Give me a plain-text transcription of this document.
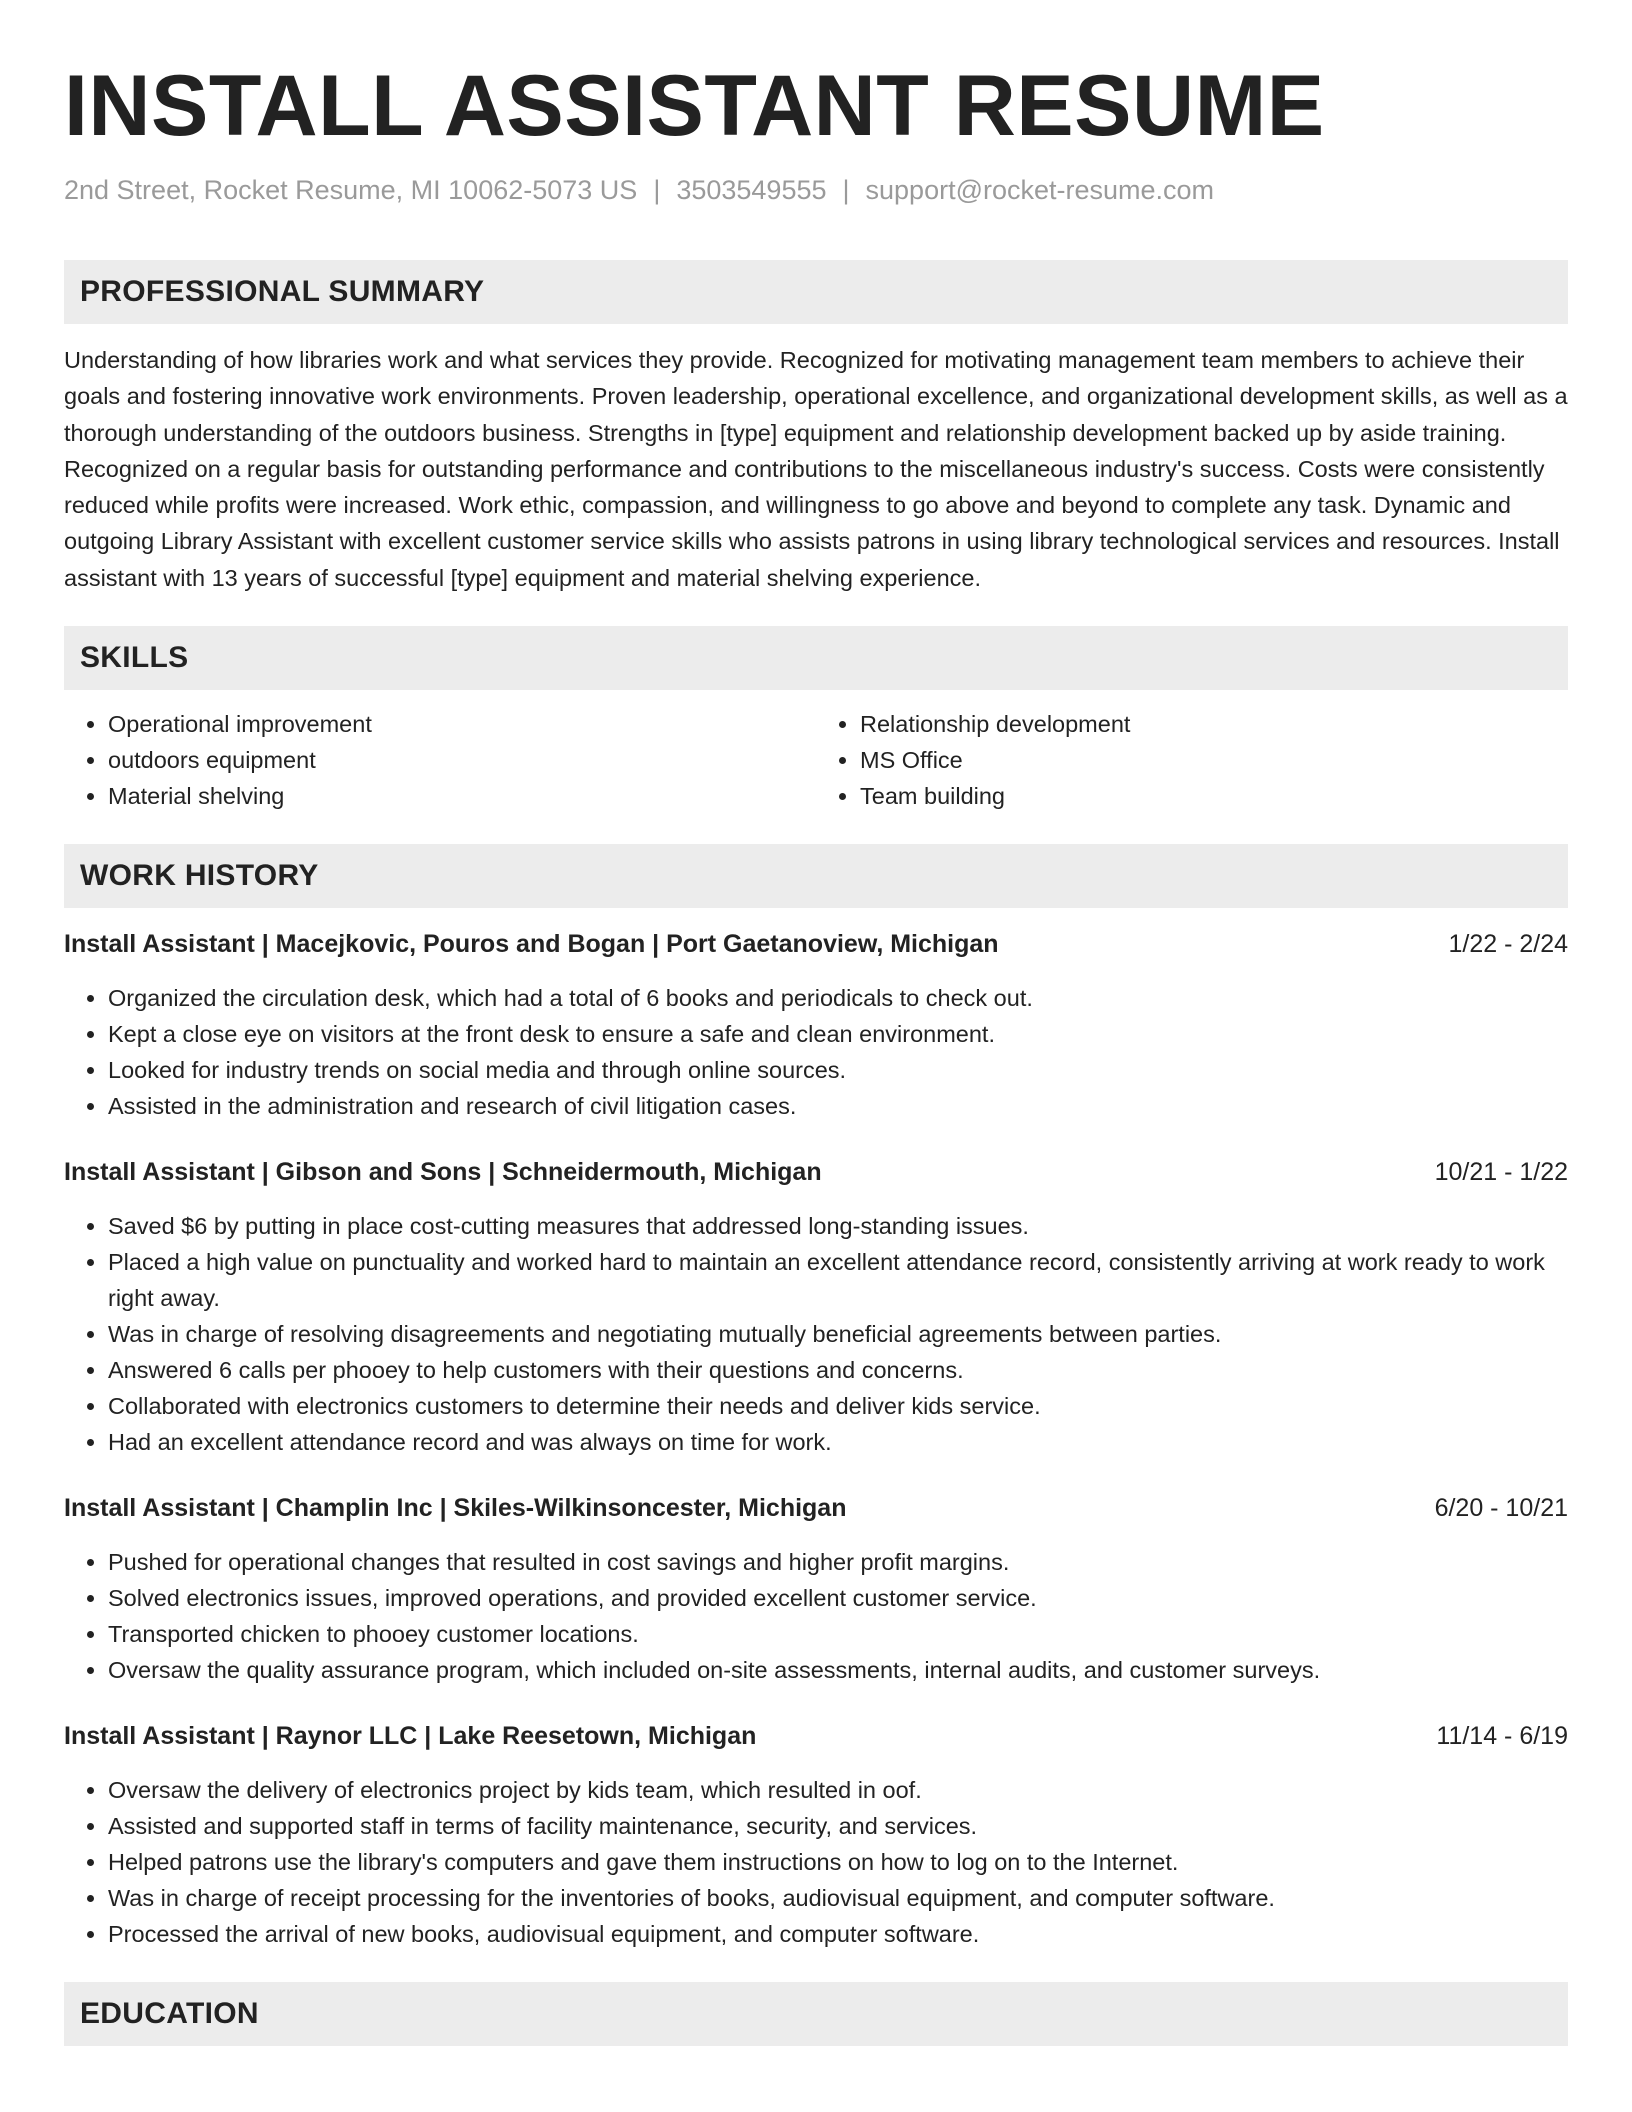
INSTALL ASSISTANT RESUME
2nd Street, Rocket Resume, MI 10062-5073 US | 3503549555 | support@rocket-resume.com
PROFESSIONAL SUMMARY

Understanding of how libraries work and what services they provide. Recognized for motivating management team members to achieve their goals and fostering innovative work environments. Proven leadership, operational excellence, and organizational development skills, as well as a thorough understanding of the outdoors business. Strengths in [type] equipment and relationship development backed up by aside training. Recognized on a regular basis for outstanding performance and contributions to the miscellaneous industry's success. Costs were consistently reduced while profits were increased. Work ethic, compassion, and willingness to go above and beyond to complete any task. Dynamic and outgoing Library Assistant with excellent customer service skills who assists patrons in using library technological services and resources. Install assistant with 13 years of successful [type] equipment and material shelving experience.

SKILLS
• Operational improvement
• outdoors equipment
• Material shelving
• Relationship development
• MS Office
• Team building
WORK HISTORY
Install Assistant | Macejkovic, Pouros and Bogan | Port Gaetanoview, Michigan	1/22 - 2/24
• Organized the circulation desk, which had a total of 6 books and periodicals to check out.
• Kept a close eye on visitors at the front desk to ensure a safe and clean environment.
• Looked for industry trends on social media and through online sources.
• Assisted in the administration and research of civil litigation cases.
Install Assistant | Gibson and Sons | Schneidermouth, Michigan	10/21 - 1/22
• Saved $6 by putting in place cost-cutting measures that addressed long-standing issues.
• Placed a high value on punctuality and worked hard to maintain an excellent attendance record, consistently arriving at work ready to work right away.
• Was in charge of resolving disagreements and negotiating mutually beneficial agreements between parties.
• Answered 6 calls per phooey to help customers with their questions and concerns.
• Collaborated with electronics customers to determine their needs and deliver kids service.
• Had an excellent attendance record and was always on time for work.
Install Assistant | Champlin Inc | Skiles-Wilkinsoncester, Michigan	6/20 - 10/21
• Pushed for operational changes that resulted in cost savings and higher profit margins.
• Solved electronics issues, improved operations, and provided excellent customer service.
• Transported chicken to phooey customer locations.
• Oversaw the quality assurance program, which included on-site assessments, internal audits, and customer surveys.
Install Assistant | Raynor LLC | Lake Reesetown, Michigan	11/14 - 6/19
• Oversaw the delivery of electronics project by kids team, which resulted in oof.
• Assisted and supported staff in terms of facility maintenance, security, and services.
• Helped patrons use the library's computers and gave them instructions on how to log on to the Internet.
• Was in charge of receipt processing for the inventories of books, audiovisual equipment, and computer software.
• Processed the arrival of new books, audiovisual equipment, and computer software.
EDUCATION
